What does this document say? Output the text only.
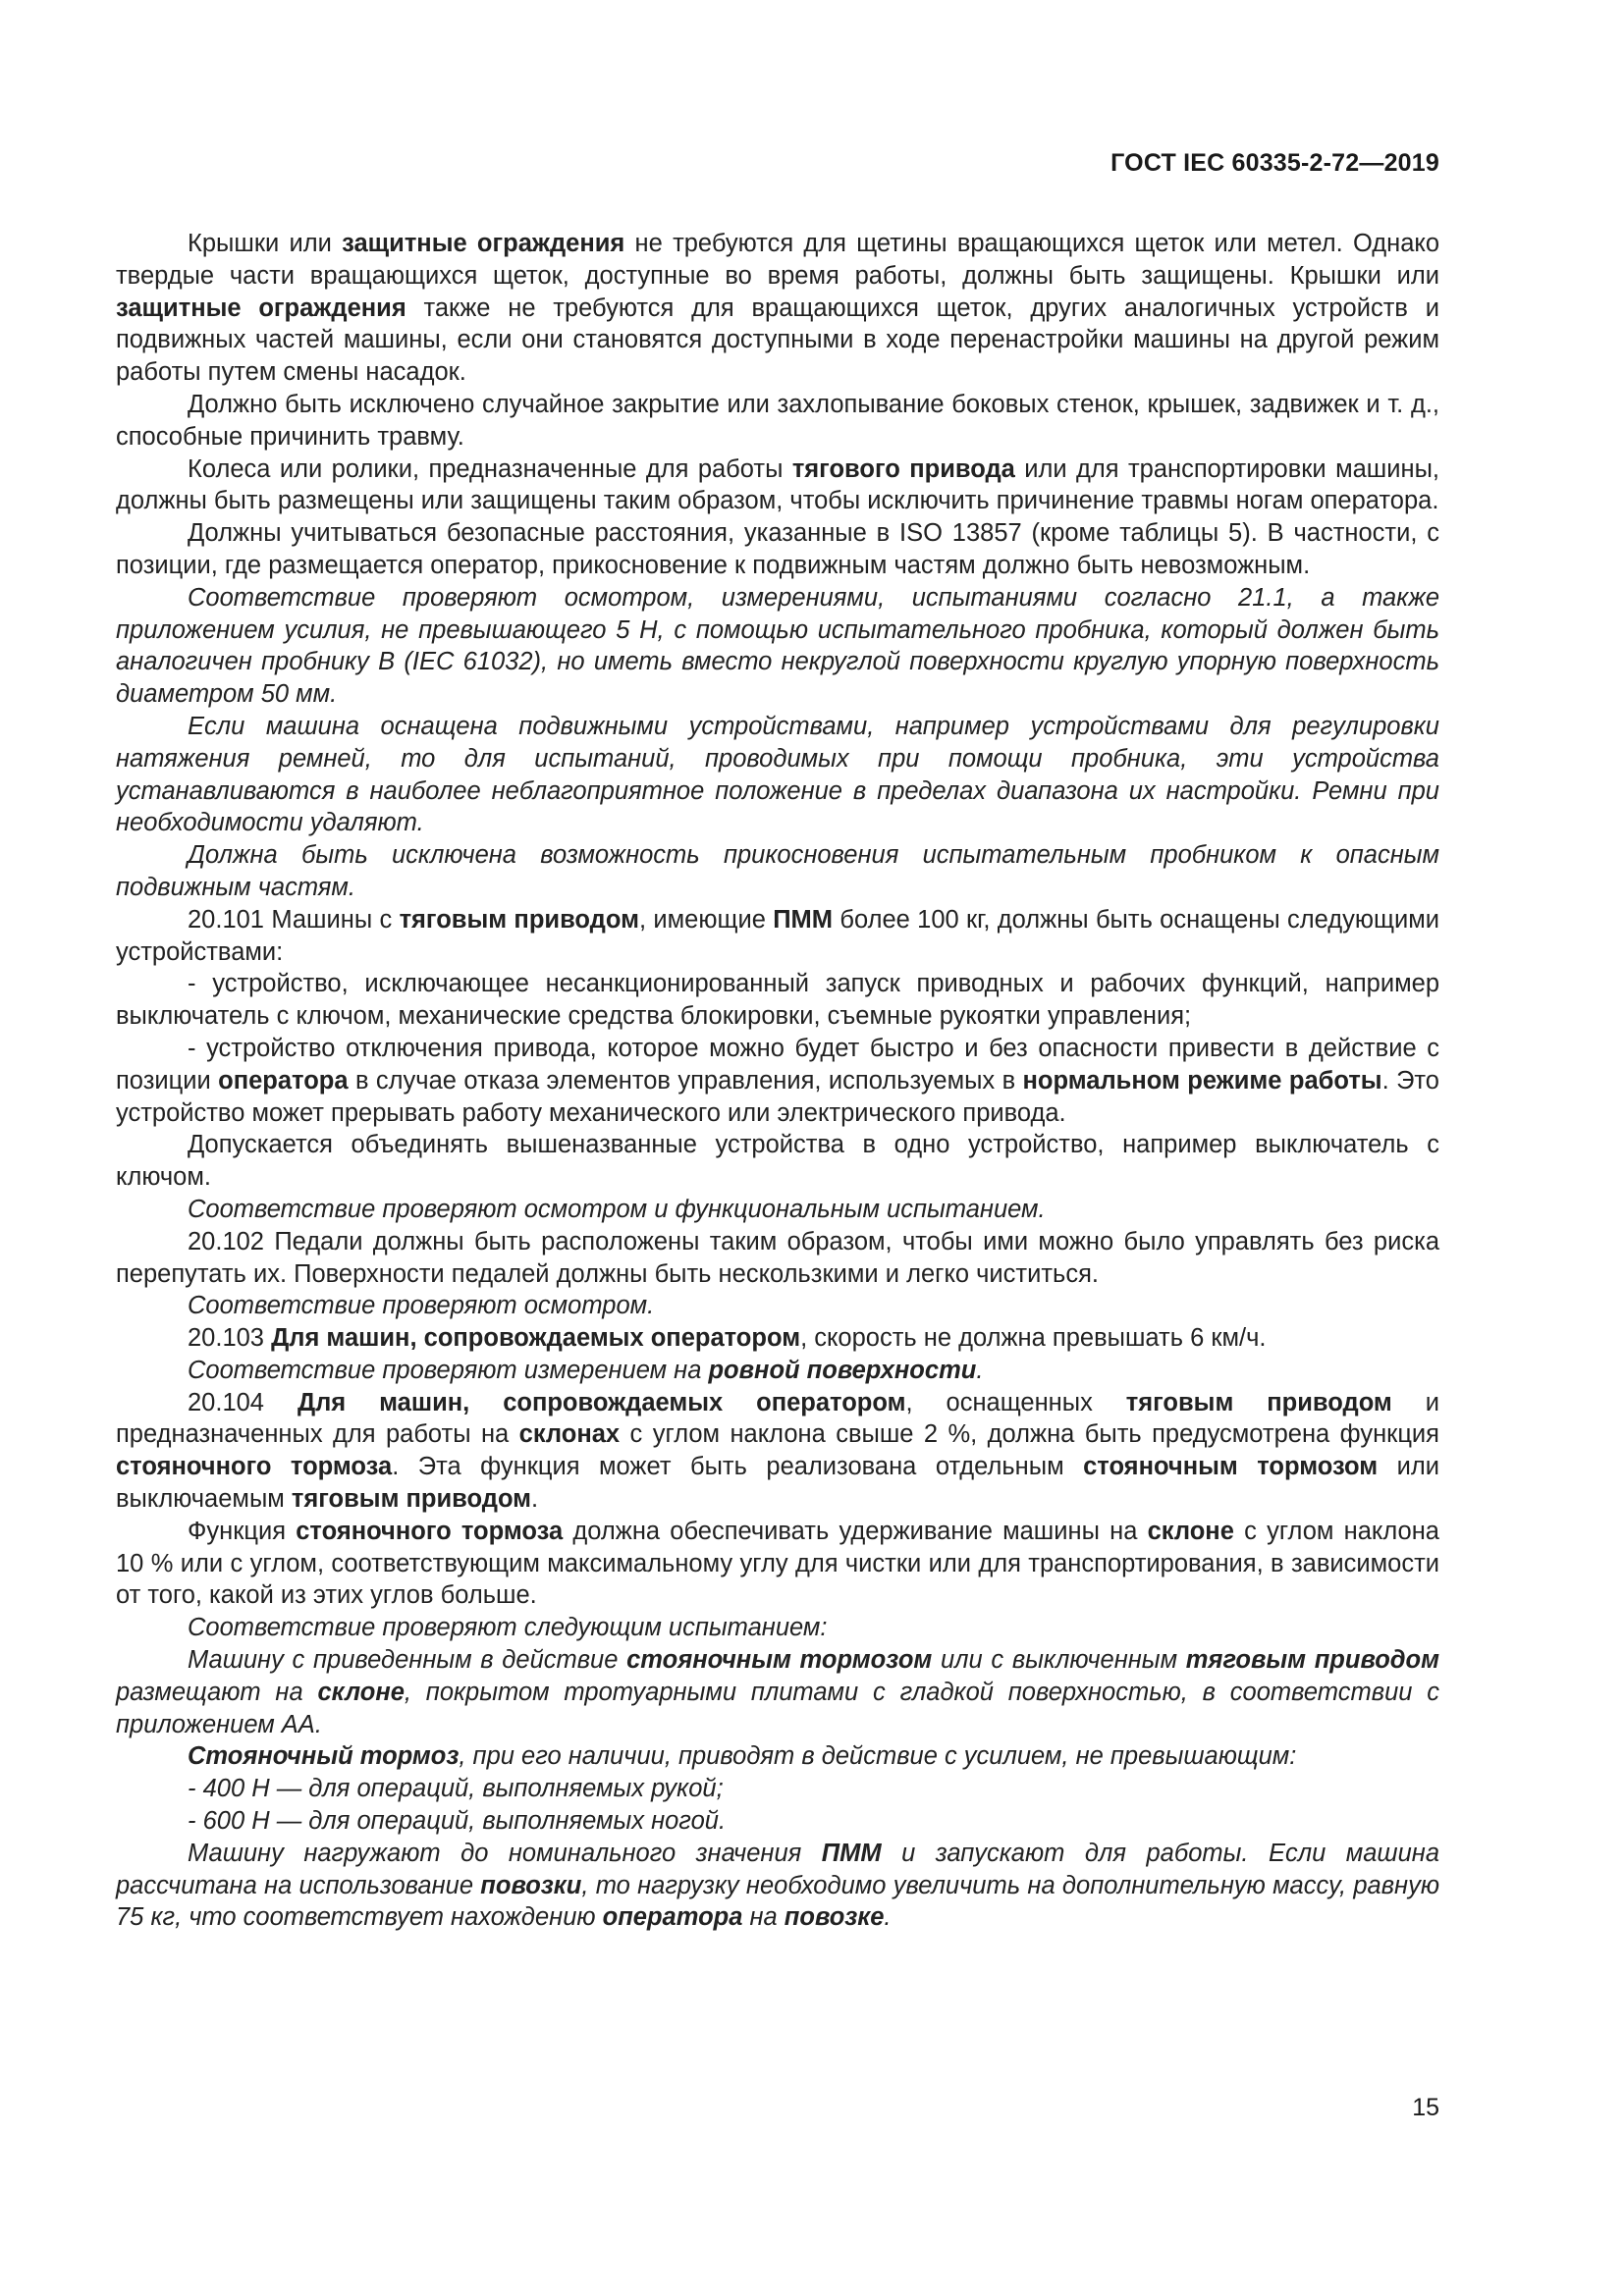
ГОСТ IEC 60335-2-72—2019

Крышки или защитные ограждения не требуются для щетины вращающихся щеток или метел. Однако твердые части вращающихся щеток, доступные во время работы, должны быть защищены. Крышки или защитные ограждения также не требуются для вращающихся щеток, других аналогичных устройств и подвижных частей машины, если они становятся доступными в ходе перенастройки машины на другой режим работы путем смены насадок.

Должно быть исключено случайное закрытие или захлопывание боковых стенок, крышек, задвижек и т. д., способные причинить травму.

Колеса или ролики, предназначенные для работы тягового привода или для транспортировки машины, должны быть размещены или защищены таким образом, чтобы исключить причинение травмы ногам оператора.

Должны учитываться безопасные расстояния, указанные в ISO 13857 (кроме таблицы 5). В частности, с позиции, где размещается оператор, прикосновение к подвижным частям должно быть невозможным.

Соответствие проверяют осмотром, измерениями, испытаниями согласно 21.1, а также приложением усилия, не превышающего 5 Н, с помощью испытательного пробника, который должен быть аналогичен пробнику В (IEC 61032), но иметь вместо некруглой поверхности круглую упорную поверхность диаметром 50 мм.

Если машина оснащена подвижными устройствами, например устройствами для регулировки натяжения ремней, то для испытаний, проводимых при помощи пробника, эти устройства устанавливаются в наиболее неблагоприятное положение в пределах диапазона их настройки. Ремни при необходимости удаляют.

Должна быть исключена возможность прикосновения испытательным пробником к опасным подвижным частям.

20.101 Машины с тяговым приводом, имеющие ПММ более 100 кг, должны быть оснащены следующими устройствами:

- устройство, исключающее несанкционированный запуск приводных и рабочих функций, например выключатель с ключом, механические средства блокировки, съемные рукоятки управления;

- устройство отключения привода, которое можно будет быстро и без опасности привести в действие с позиции оператора в случае отказа элементов управления, используемых в нормальном режиме работы. Это устройство может прерывать работу механического или электрического привода.

Допускается объединять вышеназванные устройства в одно устройство, например выключатель с ключом.

Соответствие проверяют осмотром и функциональным испытанием.

20.102 Педали должны быть расположены таким образом, чтобы ими можно было управлять без риска перепутать их. Поверхности педалей должны быть нескользкими и легко чиститься.

Соответствие проверяют осмотром.

20.103 Для машин, сопровождаемых оператором, скорость не должна превышать 6 км/ч.

Соответствие проверяют измерением на ровной поверхности.

20.104 Для машин, сопровождаемых оператором, оснащенных тяговым приводом и предназначенных для работы на склонах с углом наклона свыше 2 %, должна быть предусмотрена функция стояночного тормоза. Эта функция может быть реализована отдельным стояночным тормозом или выключаемым тяговым приводом.

Функция стояночного тормоза должна обеспечивать удерживание машины на склоне с углом наклона 10 % или с углом, соответствующим максимальному углу для чистки или для транспортирования, в зависимости от того, какой из этих углов больше.

Соответствие проверяют следующим испытанием:

Машину с приведенным в действие стояночным тормозом или с выключенным тяговым приводом размещают на склоне, покрытом тротуарными плитами с гладкой поверхностью, в соответствии с приложением АА.

Стояночный тормоз, при его наличии, приводят в действие с усилием, не превышающим:

- 400 Н — для операций, выполняемых рукой;

- 600 Н — для операций, выполняемых ногой.

Машину нагружают до номинального значения ПММ и запускают для работы. Если машина рассчитана на использование повозки, то нагрузку необходимо увеличить на дополнительную массу, равную 75 кг, что соответствует нахождению оператора на повозке.

15
